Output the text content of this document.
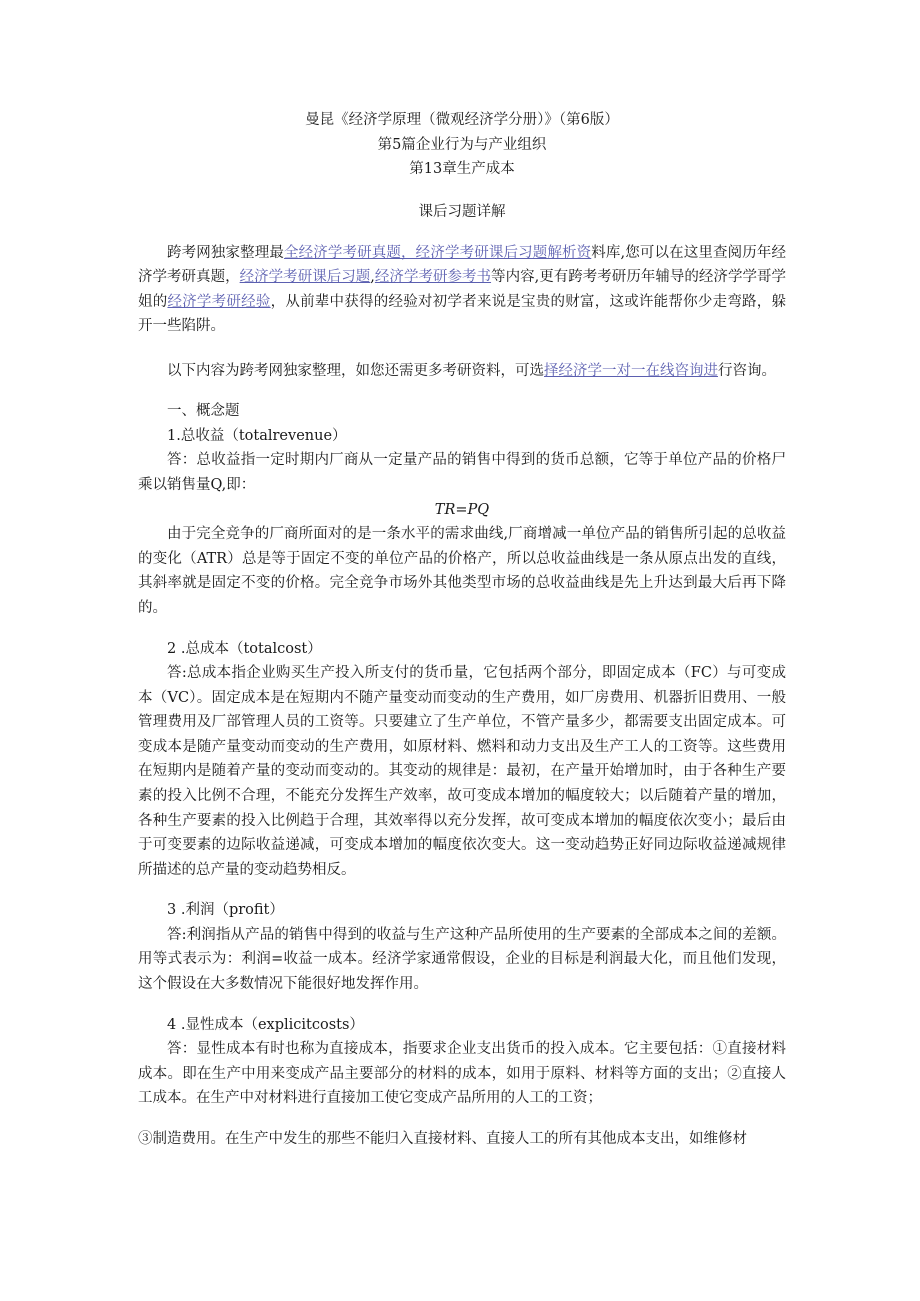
曼昆《经济学原理（微观经济学分册）》（第6版）
第5篇企业行为与产业组织
第13章生产成本
课后习题详解

跨考网独家整理最全经济学考研真题，经济学考研课后习题解析资料库,您可以在这里查阅历年经济学考研真题，经济学考研课后习题,经济学考研参考书等内容,更有跨考考研历年辅导的经济学学哥学姐的经济学考研经验，从前辈中获得的经验对初学者来说是宝贵的财富，这或许能帮你少走弯路，躲开一些陷阱。

以下内容为跨考网独家整理，如您还需更多考研资料，可选择经济学一对一在线咨询进行咨询。

一、概念题
1.总收益（totalrevenue）

答：总收益指一定时期内厂商从一定量产品的销售中得到的货币总额，它等于单位产品的价格尸乘以销售量Q,即：

TR=PQ

由于完全竞争的厂商所面对的是一条水平的需求曲线,厂商增减一单位产品的销售所引起的总收益的变化（ATR）总是等于固定不变的单位产品的价格产，所以总收益曲线是一条从原点出发的直线，其斜率就是固定不变的价格。完全竞争市场外其他类型市场的总收益曲线是先上升达到最大后再下降的。

2 .总成本（totalcost）

答:总成本指企业购买生产投入所支付的货币量，它包括两个部分，即固定成本（FC）与可变成本（VC）。固定成本是在短期内不随产量变动而变动的生产费用，如厂房费用、机器折旧费用、一般管理费用及厂部管理人员的工资等。只要建立了生产单位，不管产量多少，都需要支出固定成本。可变成本是随产量变动而变动的生产费用，如原材料、燃料和动力支出及生产工人的工资等。这些费用在短期内是随着产量的变动而变动的。其变动的规律是：最初，在产量开始增加时，由于各种生产要素的投入比例不合理，不能充分发挥生产效率，故可变成本增加的幅度较大；以后随着产量的增加，各种生产要素的投入比例趋于合理，其效率得以充分发挥，故可变成本增加的幅度依次变小；最后由于可变要素的边际收益递减，可变成本增加的幅度依次变大。这一变动趋势正好同边际收益递减规律所描述的总产量的变动趋势相反。

3 .利润（profit）

答:利润指从产品的销售中得到的收益与生产这种产品所使用的生产要素的全部成本之间的差额。用等式表示为：利润=收益一成本。经济学家通常假设，企业的目标是利润最大化，而且他们发现，这个假设在大多数情况下能很好地发挥作用。

4 .显性成本（explicitcosts）

答：显性成本有时也称为直接成本，指要求企业支出货币的投入成本。它主要包括：①直接材料成本。即在生产中用来变成产品主要部分的材料的成本，如用于原料、材料等方面的支出；②直接人工成本。在生产中对材料进行直接加工使它变成产品所用的人工的工资；

③制造费用。在生产中发生的那些不能归入直接材料、直接人工的所有其他成本支出，如维修材
